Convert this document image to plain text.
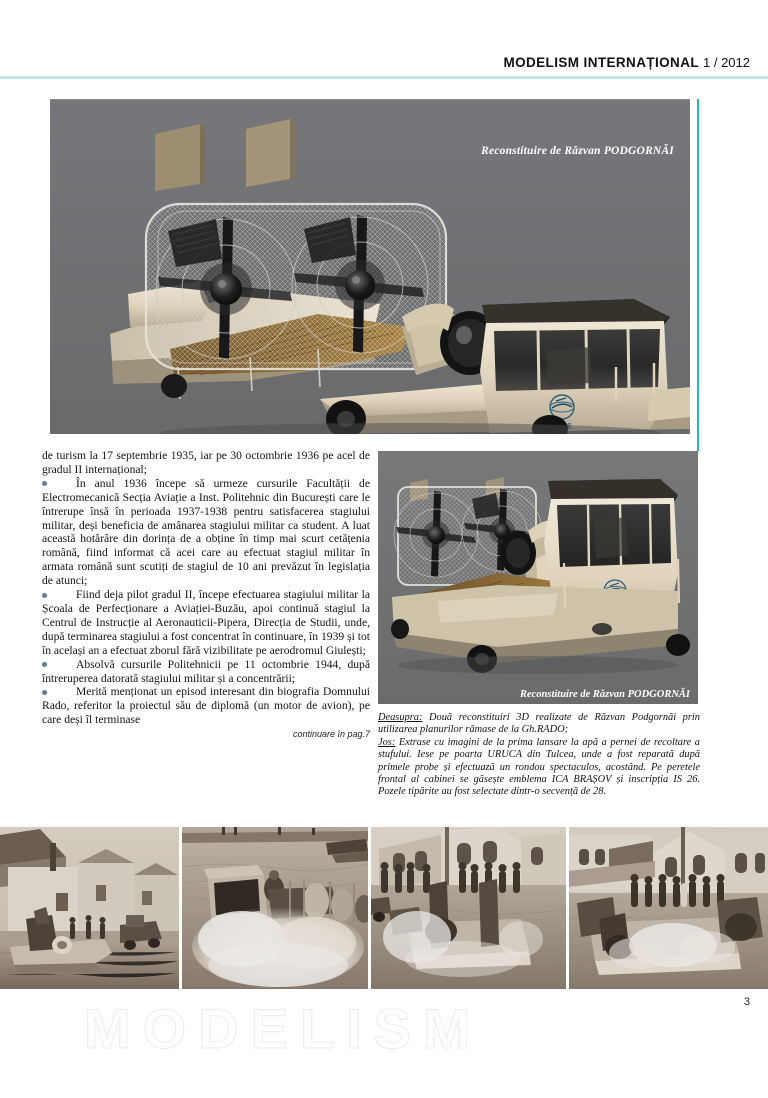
MODELISM INTERNAȚIONAL 1 / 2012
Reconstituire de Răzvan PODGORNĂI

de turism la 17 septembrie 1935, iar pe 30 octombrie 1936 pe acel de gradul II internațional;

În anul 1936 începe să urmeze cursurile Facultății de Electromecanică Secția Aviație a Inst. Politehnic din București care le întrerupe însă în perioada 1937-1938 pentru satisfacerea stagiului militar, deși beneficia de amânarea stagiului militar ca student. A luat această hotărâre din dorința de a obține în timp mai scurt cetățenia română, fiind informat că acei care au efectuat stagiul militar în armata română sunt scutiți de stagiul de 10 ani prevăzut în legislația de atunci;

Fiind deja pilot gradul II, începe efectuarea stagiului militar la Școala de Perfecționare a Aviației-Buzău, apoi continuă stagiul la Centrul de Instrucție al Aeronauticii-Pipera, Direcția de Studii, unde, după terminarea stagiului a fost concentrat în continuare, în 1939 și tot în același an a efectuat zborul fără vizibilitate pe aerodromul Giulești;

Absolvă cursurile Politehnicii pe 11 octombrie 1944, după întreruperea datorată stagiului militar și a concentrării;

Merită menționat un episod interesant din biografia Domnului Rado, referitor la proiectul său de diplomă (un motor de avion), pe care deși îl terminase

continuare în pag.7
Reconstituire de Răzvan PODGORNĂI

Deasupra: Două reconstituiri 3D realizate de Răzvan Podgornăi prin utilizarea planurilor rămase de la Gh.RADO;

Jos: Extrase cu imagini de la prima lansare la apă a pernei de recoltare a stufului. Iese pe poarta URUCA din Tulcea, unde a fost reparată după primele probe și efectuază un rondou spectaculos, acostând. Pe peretele frontal al cabinei se găsește emblema ICA BRAȘOV și inscripția IS 26. Pozele tipărite au fost selectate dintr-o secvență de 28.

MODELISM	3
